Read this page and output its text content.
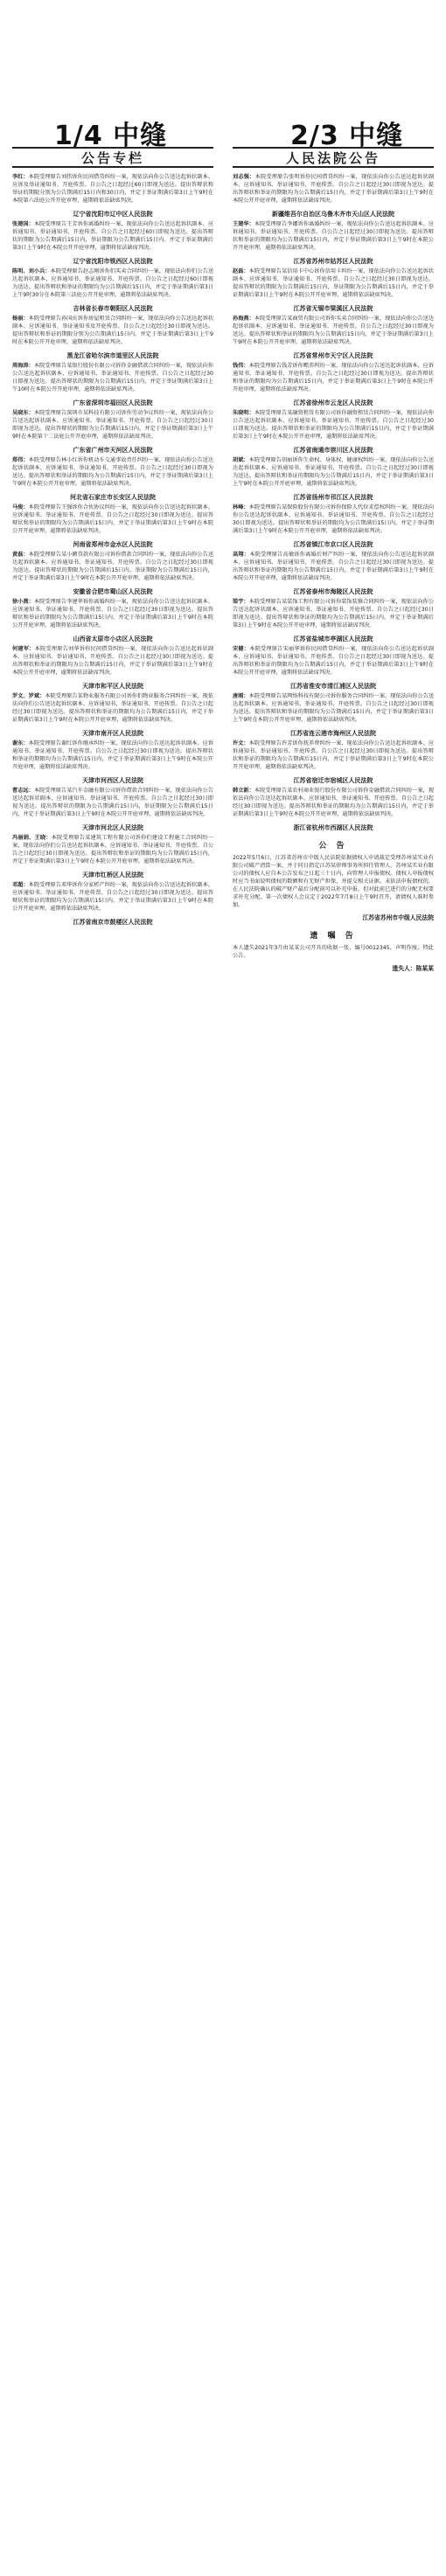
1/4 中缝	2/3 中缝
公告专栏
李红：本院受理原告刘伟诉你民间借贷纠纷一案，现依法向你公告送达起诉状副本、应诉及举证通知书、开庭传票。自公告之日起经过60日即视为送达。提出答辩状和举证的期限分别为公告期满后15日内和30日内，并定于举证期满后第3日上午9时在本院第六法庭公开开庭审理，逾期将依法缺席判决。
辽宁省沈阳市辽中区人民法院
张建国：本院受理原告王芳诉你离婚纠纷一案，现依法向你公告送达起诉状副本、应诉通知书、举证通知书、开庭传票。自公告之日起经过60日即视为送达。提出答辩状的期限为公告期满后15日内，举证期限为公告期满后15日内。并定于举证期满后第3日上午9时在本院公开开庭审理，逾期将依法缺席判决。
辽宁省沈阳市铁西区人民法院
陈明、刘小兵：本院受理原告赵志刚诉你们买卖合同纠纷一案，现依法向你们公告送达起诉状副本、应诉通知书、举证通知书、开庭传票。自公告之日起经过60日即视为送达。提出答辩状和举证的期限均为公告期满后15日内，并定于举证期满后第3日上午9时30分在本院第三法庭公开开庭审理，逾期将依法缺席判决。
吉林省长春市朝阳区人民法院
杨丽：本院受理原告孙国庆诉你房屋租赁合同纠纷一案，现依法向你公告送达起诉状副本、应诉通知书、举证通知书及开庭传票。自公告之日起经过30日即视为送达。提出答辩状和举证的期限分别为公告期满后15日内，并定于举证期满后第3日上午9时在本院公开开庭审理，逾期将依法缺席判决。
黑龙江省哈尔滨市道里区人民法院
周海涛：本院受理原告某银行股份有限公司诉你金融借款合同纠纷一案，现依法向你公告送达起诉状副本、应诉通知书、举证通知书、开庭传票。自公告之日起经过30日即视为送达。提出答辩状的期限为公告期满后15日内，并定于举证期满后第3日上午10时在本院公开开庭审理，逾期将依法缺席判决。
广东省深圳市福田区人民法院
吴晓东：本院受理原告深圳市某科技有限公司诉你劳动争议纠纷一案，现依法向你公告送达起诉状副本、应诉通知书、举证通知书、开庭传票。自公告之日起经过30日即视为送达。提出答辩状的期限为公告期满后15日内，并定于举证期满后第3日上午9时在本院第十二法庭公开开庭审理，逾期将依法缺席判决。
广东省广州市天河区人民法院
郑伟：本院受理原告林小红诉你机动车交通事故责任纠纷一案，现依法向你公告送达起诉状副本、应诉通知书、举证通知书、开庭传票。自公告之日起经过30日即视为送达。提出答辩状和举证的期限均为公告期满后15日内，并定于举证期满后第3日上午9时在本院公开开庭审理，逾期将依法缺席判决。
河北省石家庄市长安区人民法院
马俊：本院受理原告王强诉你合伙协议纠纷一案，现依法向你公告送达起诉状副本、应诉通知书、举证通知书、开庭传票。自公告之日起经过30日即视为送达。提出答辩状和举证的期限均为公告期满后15日内，并定于举证期满后第3日上午9时在本院公开开庭审理，逾期将依法缺席判决。
河南省郑州市金水区人民法院
黄磊：本院受理原告某小额贷款有限公司诉你借款合同纠纷一案，现依法向你公告送达起诉状副本、应诉通知书、举证通知书、开庭传票。自公告之日起经过30日即视为送达。提出答辩状的期限为公告期满后15日内，举证期限为公告期满后15日内，并定于举证期满后第3日上午9时在本院公开开庭审理，逾期将依法缺席判决。
安徽省合肥市蜀山区人民法院
徐小燕：本院受理原告李建华诉你离婚纠纷一案，现依法向你公告送达起诉状副本、应诉通知书、举证通知书、开庭传票。自公告之日起经过30日即视为送达。提出答辩状和举证的期限均为公告期满后15日内，并定于举证期满后第3日上午9时在本院公开开庭审理，逾期将依法缺席判决。
山西省太原市小店区人民法院
何建军：本院受理原告刘华诉你民间借贷纠纷一案，现依法向你公告送达起诉状副本、应诉通知书、举证通知书、开庭传票。自公告之日起经过30日即视为送达。提出答辩状和举证的期限均为公告期满后15日内，并定于举证期满后第3日上午9时在本院公开开庭审理，逾期将依法缺席判决。
天津市和平区人民法院
罗文、罗斌：本院受理原告某物业服务有限公司诉你们物业服务合同纠纷一案，现依法向你们公告送达起诉状副本、应诉通知书、举证通知书、开庭传票。自公告之日起经过30日即视为送达。提出答辩状和举证的期限均为公告期满后15日内，并定于举证期满后第3日上午9时在本院公开开庭审理，逾期将依法缺席判决。
天津市南开区人民法院
谢东：本院受理原告谢红诉你继承纠纷一案，现依法向你公告送达起诉状副本、应诉通知书、举证通知书、开庭传票。自公告之日起经过30日即视为送达。提出答辩状和举证的期限均为公告期满后15日内，并定于举证期满后第3日上午9时在本院公开开庭审理，逾期将依法缺席判决。
天津市河西区人民法院
曹志远：本院受理原告某汽车金融有限公司诉你借款合同纠纷一案，现依法向你公告送达起诉状副本、应诉通知书、举证通知书、开庭传票。自公告之日起经过30日即视为送达。提出答辩状的期限为公告期满后15日内，举证期限为公告期满后15日内，并定于举证期满后第3日上午9时在本院公开开庭审理，逾期将依法缺席判决。
天津市河北区人民法院
冯丽娟、王晓：本院受理原告某建筑工程有限公司诉你们建设工程施工合同纠纷一案，现依法向你们公告送达起诉状副本、应诉通知书、举证通知书、开庭传票。自公告之日起经过30日即视为送达。提出答辩状和举证的期限均为公告期满后15日内，并定于举证期满后第3日上午9时在本院公开开庭审理，逾期将依法缺席判决。
天津市红桥区人民法院
邓超：本院受理原告邓华诉你分家析产纠纷一案，现依法向你公告送达起诉状副本、应诉通知书、举证通知书、开庭传票。自公告之日起经过30日即视为送达。提出答辩状和举证的期限均为公告期满后15日内，并定于举证期满后第3日上午9时在本院公开开庭审理，逾期将依法缺席判决。
江苏省南京市鼓楼区人民法院
人民法院公告
刘志强：本院受理原告张明诉你民间借贷纠纷一案，现依法向你公告送达起诉状副本、应诉通知书、举证通知书、开庭传票。自公告之日起经过30日即视为送达。提出答辩状和举证的期限均为公告期满后15日内，并定于举证期满后第3日上午9时在本院公开开庭审理，逾期将依法缺席判决。
新疆维吾尔自治区乌鲁木齐市天山区人民法院
王建华：本院受理原告李娜诉你离婚纠纷一案，现依法向你公告送达起诉状副本、应诉通知书、举证通知书、开庭传票。自公告之日起经过30日即视为送达。提出答辩状和举证的期限均为公告期满后15日内，并定于举证期满后第3日上午9时在本院公开开庭审理，逾期将依法缺席判决。
江苏省苏州市姑苏区人民法院
赵磊：本院受理原告某信用卡中心诉你信用卡纠纷一案，现依法向你公告送达起诉状副本、应诉通知书、举证通知书、开庭传票。自公告之日起经过30日即视为送达。提出答辩状的期限为公告期满后15日内，举证期限为公告期满后15日内，并定于举证期满后第3日上午9时在本院公开开庭审理，逾期将依法缺席判决。
江苏省无锡市梁溪区人民法院
孙海燕：本院受理原告某商贸有限公司诉你买卖合同纠纷一案，现依法向你公告送达起诉状副本、应诉通知书、举证通知书、开庭传票。自公告之日起经过30日即视为送达。提出答辩状和举证的期限均为公告期满后15日内，并定于举证期满后第3日上午9时在本院公开开庭审理，逾期将依法缺席判决。
江苏省常州市天宁区人民法院
钱伟：本院受理原告钱芳诉你赡养纠纷一案，现依法向你公告送达起诉状副本、应诉通知书、举证通知书、开庭传票。自公告之日起经过30日即视为送达。提出答辩状和举证的期限均为公告期满后15日内，并定于举证期满后第3日上午9时在本院公开开庭审理，逾期将依法缺席判决。
江苏省徐州市云龙区人民法院
朱晓明：本院受理原告某融资租赁有限公司诉你融资租赁合同纠纷一案，现依法向你公告送达起诉状副本、应诉通知书、举证通知书、开庭传票。自公告之日起经过30日即视为送达。提出答辩状和举证的期限均为公告期满后15日内，并定于举证期满后第3日上午9时在本院公开开庭审理，逾期将依法缺席判决。
江苏省南通市崇川区人民法院
胡斌：本院受理原告胡丽诉你生命权、身体权、健康权纠纷一案，现依法向你公告送达起诉状副本、应诉通知书、举证通知书、开庭传票。自公告之日起经过30日即视为送达。提出答辩状和举证的期限均为公告期满后15日内，并定于举证期满后第3日上午9时在本院公开开庭审理，逾期将依法缺席判决。
江苏省扬州市邗江区人民法院
林峰：本院受理原告某保险股份有限公司诉你保险人代位求偿权纠纷一案，现依法向你公告送达起诉状副本、应诉通知书、举证通知书、开庭传票。自公告之日起经过30日即视为送达。提出答辩状和举证的期限均为公告期满后15日内，并定于举证期满后第3日上午9时在本院公开开庭审理，逾期将依法缺席判决。
江苏省镇江市京口区人民法院
高翔：本院受理原告高敏诉你离婚后财产纠纷一案，现依法向你公告送达起诉状副本、应诉通知书、举证通知书、开庭传票。自公告之日起经过30日即视为送达。提出答辩状和举证的期限均为公告期满后15日内，并定于举证期满后第3日上午9时在本院公开开庭审理，逾期将依法缺席判决。
江苏省泰州市海陵区人民法院
梁宇：本院受理原告某装饰工程有限公司诉你装饰装修合同纠纷一案，现依法向你公告送达起诉状副本、应诉通知书、举证通知书、开庭传票。自公告之日起经过30日即视为送达。提出答辩状和举证的期限均为公告期满后15日内，并定于举证期满后第3日上午9时在本院公开开庭审理，逾期将依法缺席判决。
江苏省盐城市亭湖区人民法院
宋健：本院受理原告宋丽华诉你民间借贷纠纷一案，现依法向你公告送达起诉状副本、应诉通知书、举证通知书、开庭传票。自公告之日起经过30日即视为送达。提出答辩状和举证的期限均为公告期满后15日内，并定于举证期满后第3日上午9时在本院公开开庭审理，逾期将依法缺席判决。
江苏省淮安市清江浦区人民法院
唐刚：本院受理原告某网络科技有限公司诉你服务合同纠纷一案，现依法向你公告送达起诉状副本、应诉通知书、举证通知书、开庭传票。自公告之日起经过30日即视为送达。提出答辩状和举证的期限均为公告期满后15日内，并定于举证期满后第3日上午9时在本院公开开庭审理，逾期将依法缺席判决。
江苏省连云港市海州区人民法院
许文：本院受理原告许芳诉你抚养费纠纷一案，现依法向你公告送达起诉状副本、应诉通知书、举证通知书、开庭传票。自公告之日起经过30日即视为送达。提出答辩状和举证的期限均为公告期满后15日内，并定于举证期满后第3日上午9时在本院公开开庭审理，逾期将依法缺席判决。
江苏省宿迁市宿城区人民法院
韩立新：本院受理原告某农村商业银行股份有限公司诉你金融借款合同纠纷一案，现依法向你公告送达起诉状副本、应诉通知书、举证通知书、开庭传票。自公告之日起经过30日即视为送达。提出答辩状和举证的期限均为公告期满后15日内，并定于举证期满后第3日上午9时在本院公开开庭审理，逾期将依法缺席判决。
浙江省杭州市西湖区人民法院
公 告
2022年5月6日，江苏省苏州市中级人民法院依据债权人申请裁定受理苏州某实业有限公司破产清算一案，并于同日指定江苏某律师事务所担任管理人。苏州某实业有限公司的债权人应自本公告发布之日起三十日内，向管理人申报债权。债权人申报债权时应当书面说明债权的数额和有无财产担保，并提交相关证据。未依法申报债权的，在人民法院确认的破产财产最后分配前可以补充申报，但对此前已进行的分配无权要求补充分配。第一次债权人会议定于2022年7月8日上午9时召开，请债权人准时参加。
江苏省苏州市中级人民法院
遗 嘱 告
本人遗失2021年3月由某某公司开具的收据一张，编号0012345，声明作废。特此公告。
遗失人：陈某某
